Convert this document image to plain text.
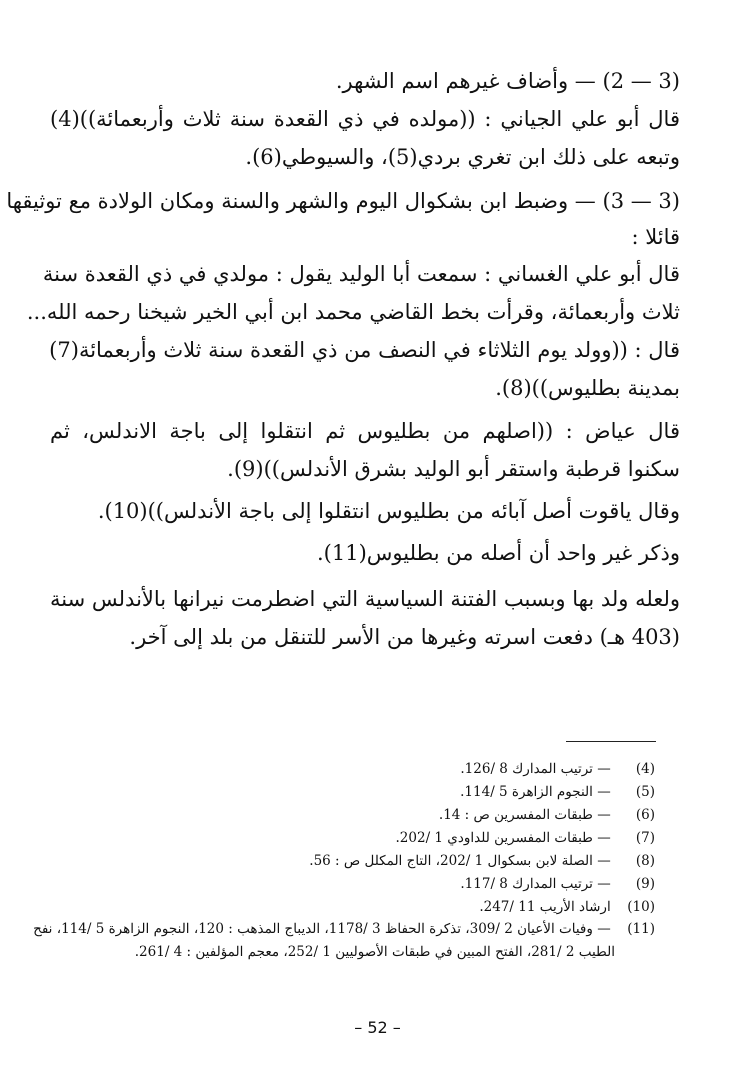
(3 — 2) — وأضاف غيرهم اسم الشهر.
قال أبو علي الجياني : ((مولده في ذي القعدة سنة ثلاث وأربعمائة))(4)
وتبعه على ذلك ابن تغري بردي(5)، والسيوطي(6).
(3 — 3) — وضبط ابن بشكوال اليوم والشهر والسنة ومكان الولادة مع توثيقها
قائلا :
قال أبو علي الغساني : سمعت أبا الوليد يقول : مولدي في ذي القعدة سنة
ثلاث وأربعمائة، وقرأت بخط القاضي محمد ابن أبي الخير شيخنا رحمه الله...
قال : ((وولد يوم الثلاثاء في النصف من ذي القعدة سنة ثلاث وأربعمائة(7)
بمدينة بطليوس))(8).
قال عياض : ((اصلهم من بطليوس ثم انتقلوا إلى باجة الاندلس، ثم
سكنوا قرطبة واستقر أبو الوليد بشرق الأندلس))(9).
وقال ياقوت أصل آبائه من بطليوس انتقلوا إلى باجة الأندلس))(10).
وذكر غير واحد أن أصله من بطليوس(11).
ولعله ولد بها وبسبب الفتنة السياسية التي اضطرمت نيرانها بالأندلس سنة
(403 هـ) دفعت اسرته وغيرها من الأسر للتنقل من بلد إلى آخر.
(4) — ترتيب المدارك 8 /126.
(5) — النجوم الزاهرة 5 /114.
(6) — طبقات المفسرين ص : 14.
(7) — طبقات المفسرين للداودي 1 /202.
(8) — الصلة لابن بسكوال 1 /202، التاج المكلل ص : 56.
(9) — ترتيب المدارك 8 /117.
(10) ارشاد الأريب 11 /247.
(11) — وفيات الأعيان 2 /309، تذكرة الحفاظ 3 /1178، الديباج المذهب : 120، النجوم الزاهرة 5 /114، نفح
الطيب 2 /281، الفتح المبين في طبقات الأصوليين 1 /252، معجم المؤلفين : 4 /261.
– 52 –
